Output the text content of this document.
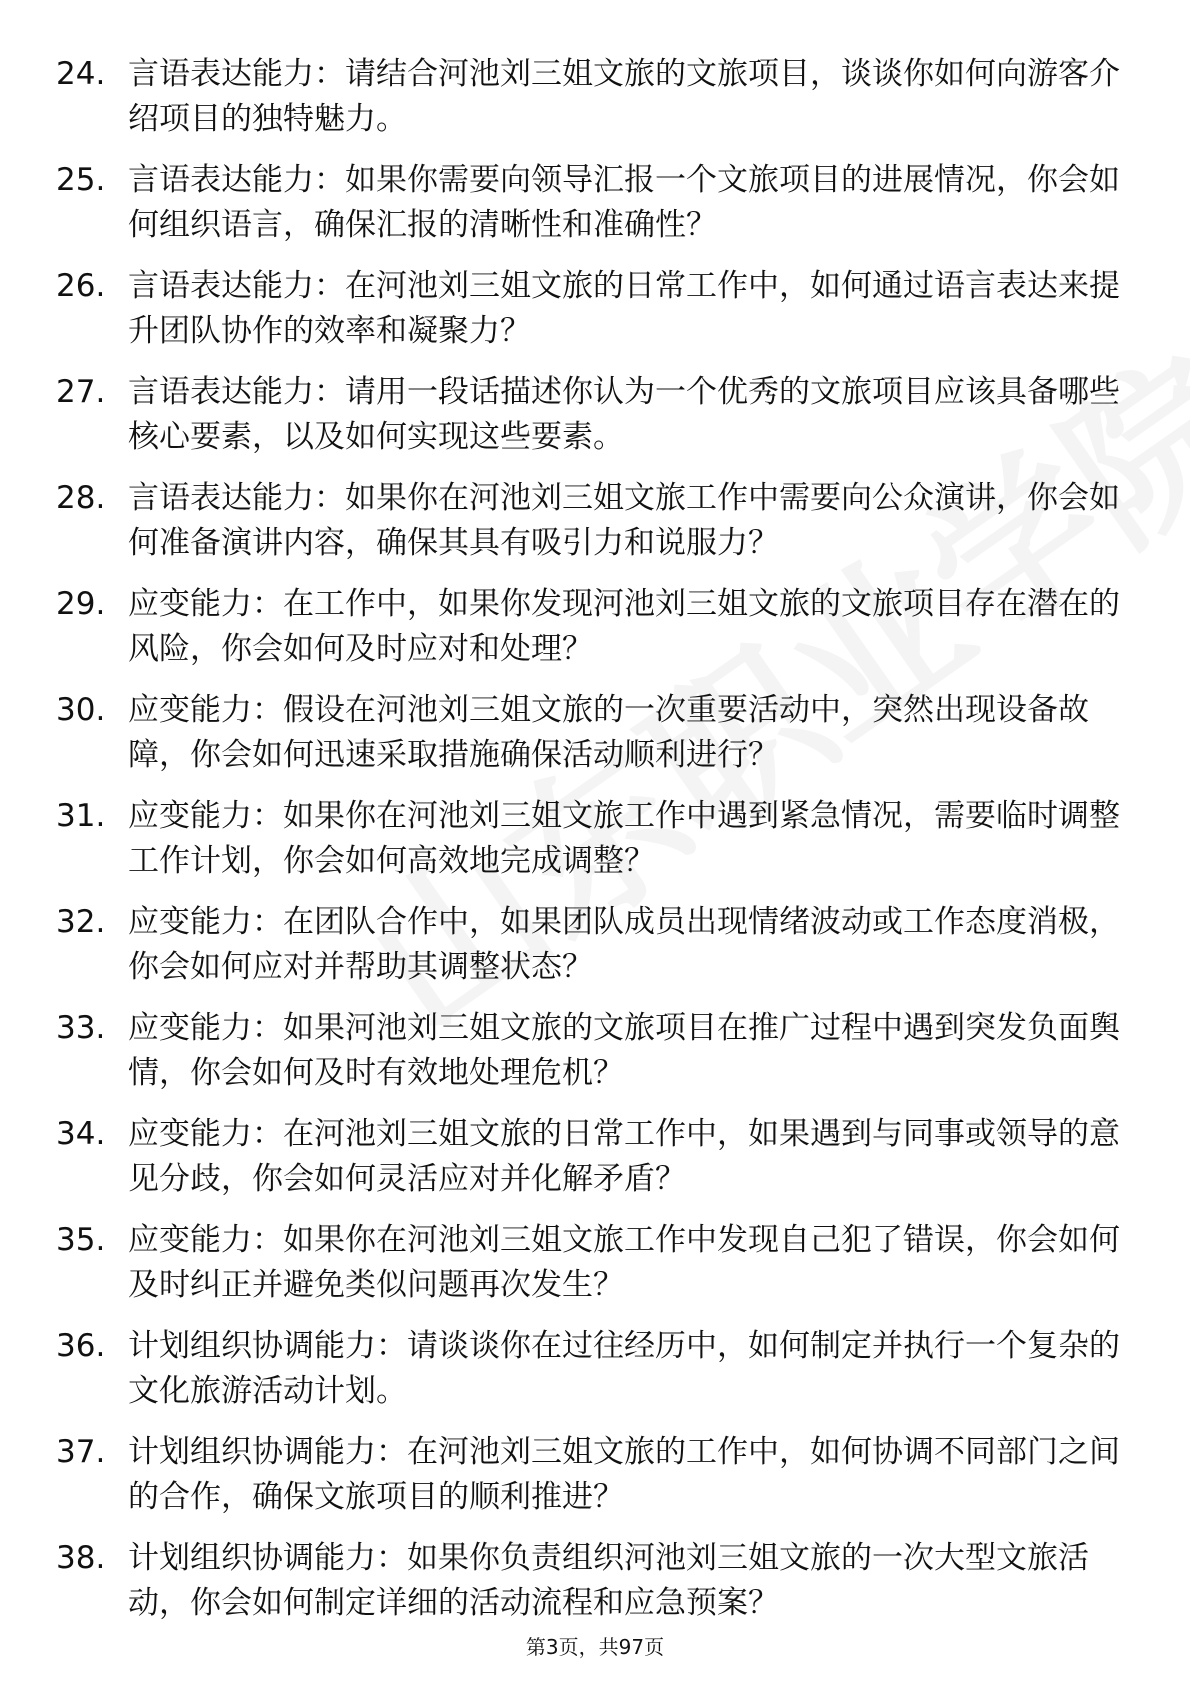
24. 言语表达能力：请结合河池刘三姐文旅的文旅项目，谈谈你如何向游客介绍项目的独特魅力。
25. 言语表达能力：如果你需要向领导汇报一个文旅项目的进展情况，你会如何组织语言，确保汇报的清晰性和准确性？
26. 言语表达能力：在河池刘三姐文旅的日常工作中，如何通过语言表达来提升团队协作的效率和凝聚力？
27. 言语表达能力：请用一段话描述你认为一个优秀的文旅项目应该具备哪些核心要素，以及如何实现这些要素。
28. 言语表达能力：如果你在河池刘三姐文旅工作中需要向公众演讲，你会如何准备演讲内容，确保其具有吸引力和说服力？
29. 应变能力：在工作中，如果你发现河池刘三姐文旅的文旅项目存在潜在的风险，你会如何及时应对和处理？
30. 应变能力：假设在河池刘三姐文旅的一次重要活动中，突然出现设备故障，你会如何迅速采取措施确保活动顺利进行？
31. 应变能力：如果你在河池刘三姐文旅工作中遇到紧急情况，需要临时调整工作计划，你会如何高效地完成调整？
32. 应变能力：在团队合作中，如果团队成员出现情绪波动或工作态度消极，你会如何应对并帮助其调整状态？
33. 应变能力：如果河池刘三姐文旅的文旅项目在推广过程中遇到突发负面舆情，你会如何及时有效地处理危机？
34. 应变能力：在河池刘三姐文旅的日常工作中，如果遇到与同事或领导的意见分歧，你会如何灵活应对并化解矛盾？
35. 应变能力：如果你在河池刘三姐文旅工作中发现自己犯了错误，你会如何及时纠正并避免类似问题再次发生？
36. 计划组织协调能力：请谈谈你在过往经历中，如何制定并执行一个复杂的文化旅游活动计划。
37. 计划组织协调能力：在河池刘三姐文旅的工作中，如何协调不同部门之间的合作，确保文旅项目的顺利推进？
38. 计划组织协调能力：如果你负责组织河池刘三姐文旅的一次大型文旅活动，你会如何制定详细的活动流程和应急预案？
第3页，共97页
